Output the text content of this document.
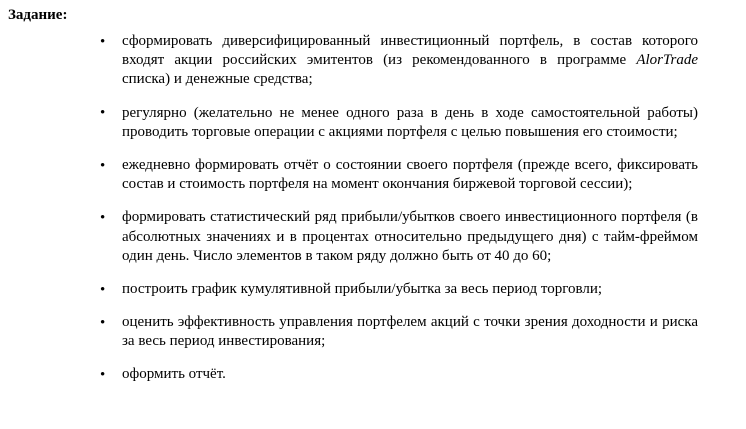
Задание:
• сформировать диверсифицированный инвестиционный портфель, в состав которого входят акции российских эмитентов (из рекомендованного в программе AlorTrade списка) и денежные средства;
• регулярно (желательно не менее одного раза в день в ходе самостоятельной работы) проводить торговые операции с акциями портфеля с целью повышения его стоимости;
• ежедневно формировать отчёт о состоянии своего портфеля (прежде всего, фиксировать состав и стоимость портфеля на момент окончания биржевой торговой сессии);
• формировать статистический ряд прибыли/убытков своего инвестиционного портфеля (в абсолютных значениях и в процентах относительно предыдущего дня) с тайм-фреймом один день. Число элементов в таком ряду должно быть от 40 до 60;
• построить график кумулятивной прибыли/убытка за весь период торговли;
• оценить эффективность управления портфелем акций с точки зрения доходности и риска за весь период инвестирования;
• оформить отчёт.
